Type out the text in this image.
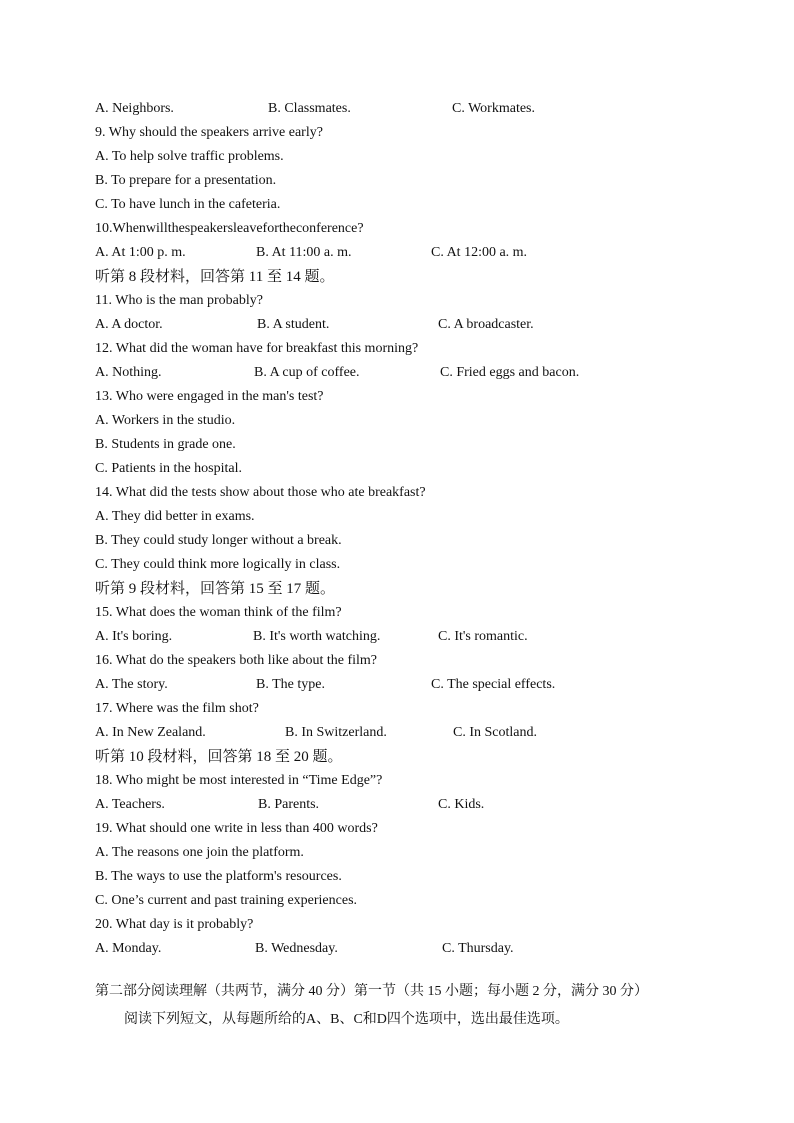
A. Neighbors.	B. Classmates.	C. Workmates.
9. Why should the speakers arrive early?
A. To help solve traffic problems.
B. To prepare for a presentation.
C. To have lunch in the cafeteria.
10.Whenwillthespeakersleavefortheconference?
A. At 1:00 p. m.	B. At 11:00 a. m.	C. At 12:00 a. m.
听第 8 段材料，回答第 11 至 14 题。
11. Who is the man probably?
A. A doctor.	B. A student.	C. A broadcaster.
12. What did the woman have for breakfast this morning?
A. Nothing.	B. A cup of coffee.	C. Fried eggs and bacon.
13. Who were engaged in the man's test?
A. Workers in the studio.
B. Students in grade one.
C. Patients in the hospital.
14. What did the tests show about those who ate breakfast?
A. They did better in exams.
B. They could study longer without a break.
C. They could think more logically in class.
听第 9 段材料，回答第 15 至 17 题。
15. What does the woman think of the film?
A. It's boring.	B. It's worth watching.	C. It's romantic.
16. What do the speakers both like about the film?
A. The story.	B. The type.	C. The special effects.
17. Where was the film shot?
A. In New Zealand.	B. In Switzerland.	C. In Scotland.
听第 10 段材料，回答第 18 至 20 题。
18. Who might be most interested in “Time Edge”?
A. Teachers.	B. Parents.	C. Kids.
19. What should one write in less than 400 words?
A. The reasons one join the platform.
B. The ways to use the platform's resources.
C. One’s current and past training experiences.
20. What day is it probably?
A. Monday.	B. Wednesday.	C. Thursday.
第二部分阅读理解（共两节，满分 40 分）第一节（共 15 小题；每小题 2 分，满分 30 分）
阅读下列短文，从每题所给的A、B、C和D四个选项中，选出最佳选项。
